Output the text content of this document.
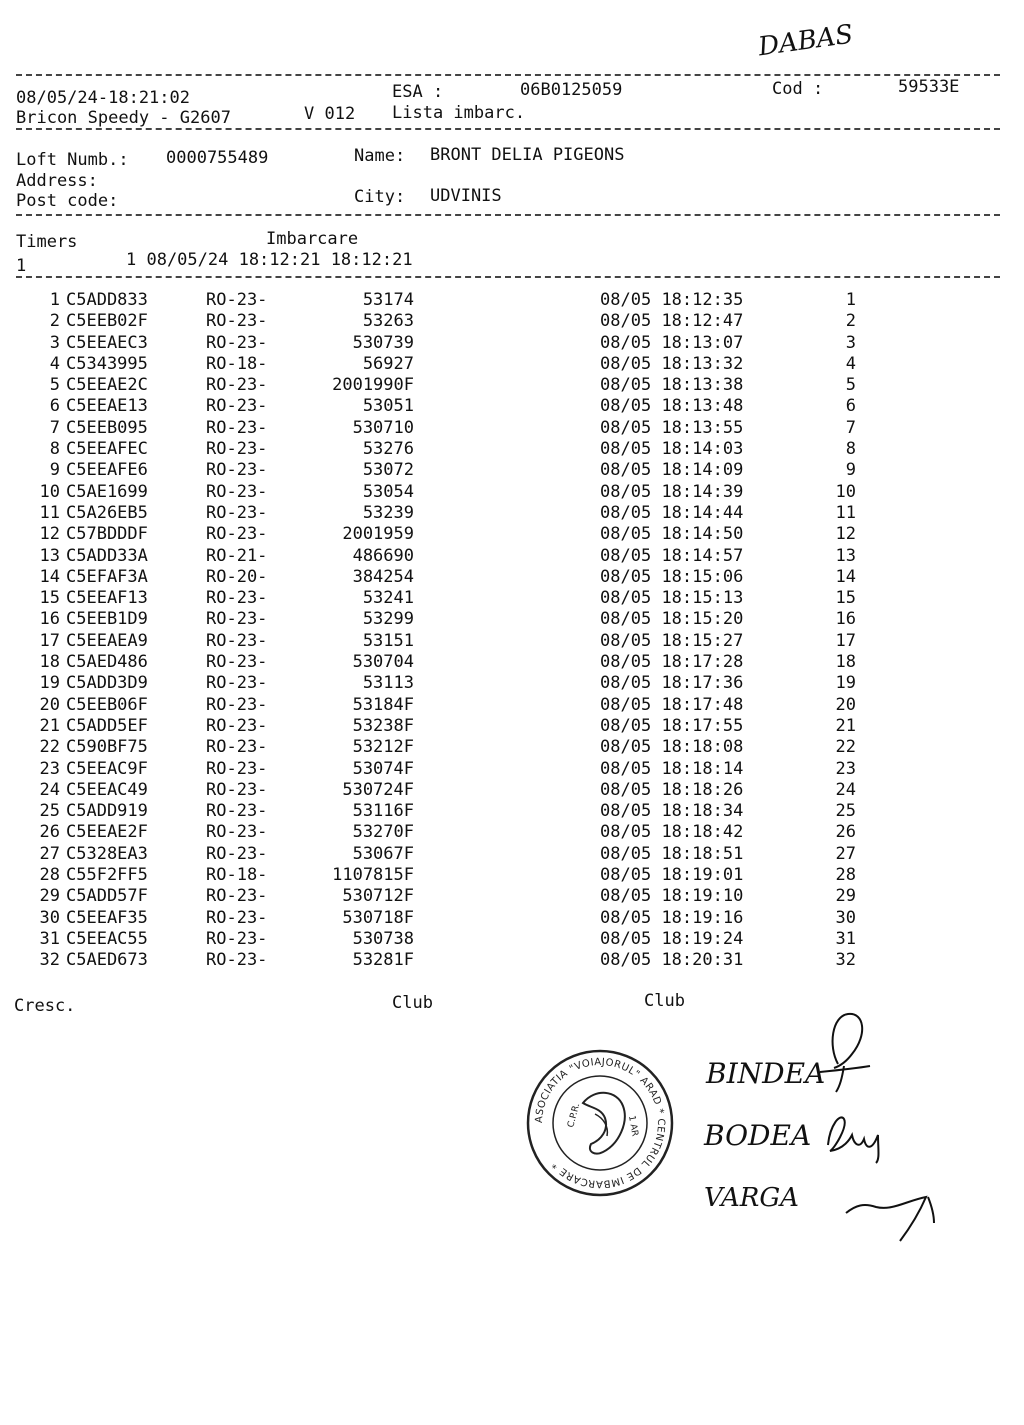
DABAS
08/05/24-18:21:02	ESA :	06B0125059	Cod :	59533E
Bricon Speedy - G2607	V 012 Lista imbarc.
Loft Numb.: 0000755489	Name: BRONT DELIA PIGEONS
Address:
Post code:	City: UDVINIS
Timers	Imbarcare
1	1 08/05/24 18:12:21 18:12:21
1	C5ADD833	RO-23-	53174		08/05 18:12:35	1
2	C5EEB02F	RO-23-	53263		08/05 18:12:47	2
3	C5EEAEC3	RO-23-	530739		08/05 18:13:07	3
4	C5343995	RO-18-	56927		08/05 18:13:32	4
5	C5EEAE2C	RO-23-	2001990F		08/05 18:13:38	5
6	C5EEAE13	RO-23-	53051		08/05 18:13:48	6
7	C5EEB095	RO-23-	530710		08/05 18:13:55	7
8	C5EEAFEC	RO-23-	53276		08/05 18:14:03	8
9	C5EEAFE6	RO-23-	53072		08/05 18:14:09	9
10	C5AE1699	RO-23-	53054		08/05 18:14:39	10
11	C5A26EB5	RO-23-	53239		08/05 18:14:44	11
12	C57BDDDF	RO-23-	2001959		08/05 18:14:50	12
13	C5ADD33A	RO-21-	486690		08/05 18:14:57	13
14	C5EFAF3A	RO-20-	384254		08/05 18:15:06	14
15	C5EEAF13	RO-23-	53241		08/05 18:15:13	15
16	C5EEB1D9	RO-23-	53299		08/05 18:15:20	16
17	C5EEAEA9	RO-23-	53151		08/05 18:15:27	17
18	C5AED486	RO-23-	530704		08/05 18:17:28	18
19	C5ADD3D9	RO-23-	53113		08/05 18:17:36	19
20	C5EEB06F	RO-23-	53184F		08/05 18:17:48	20
21	C5ADD5EF	RO-23-	53238F		08/05 18:17:55	21
22	C590BF75	RO-23-	53212F		08/05 18:18:08	22
23	C5EEAC9F	RO-23-	53074F		08/05 18:18:14	23
24	C5EEAC49	RO-23-	530724F		08/05 18:18:26	24
25	C5ADD919	RO-23-	53116F		08/05 18:18:34	25
26	C5EEAE2F	RO-23-	53270F		08/05 18:18:42	26
27	C5328EA3	RO-23-	53067F		08/05 18:18:51	27
28	C55F2FF5	RO-18-	1107815F		08/05 18:19:01	28
29	C5ADD57F	RO-23-	530712F		08/05 18:19:10	29
30	C5EEAF35	RO-23-	530718F		08/05 18:19:16	30
31	C5EEAC55	RO-23-	530738		08/05 18:19:24	31
32	C5AED673	RO-23-	53281F		08/05 18:20:31	32
Cresc.	Club	Club
ASOCIATIA "VOIAJORUL" ARAD * CENTRUL DE IMBARCARE *
C.P.R.	1 AR
BINDEA
BODEA
VARGA
